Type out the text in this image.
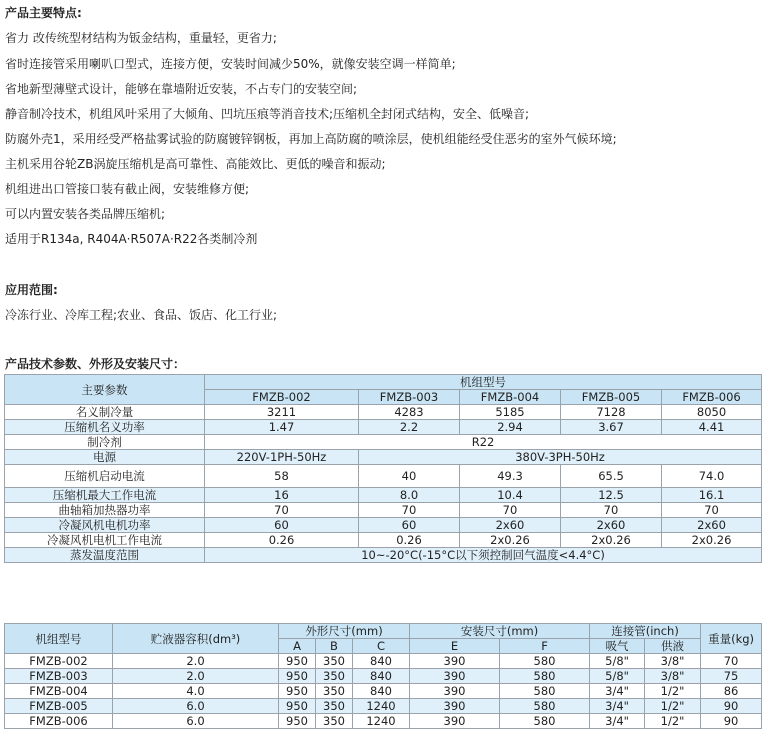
产品主要特点:
省力 改传统型材结构为钣金结构，重量轻，更省力;
省时连接管采用喇叭口型式，连接方便，安装时间减少50%，就像安装空调一样简单;
省地新型薄壁式设计，能够在靠墙附近安装，不占专门的安装空间;
静音制冷技术，机组风叶采用了大倾角、凹坑压痕等消音技术;压缩机全封闭式结构，安全、低噪音;
防腐外壳1，采用经受严格盐雾试验的防腐镀锌钢板，再加上高防腐的喷涂层，使机组能经受住恶劣的室外气候环境;
主机采用谷轮ZB涡旋压缩机是高可靠性、高能效比、更低的噪音和振动;
机组进出口管接口装有截止阀，安装维修方便;
可以内置安装各类品牌压缩机;
适用于R134a, R404A·R507A·R22各类制冷剂
应用范围:
冷冻行业、冷库工程;农业、食品、饭店、化工行业;
产品技术参数、外形及安装尺寸：
主要参数	机组型号				
	FMZB-002	FMZB-003	FMZB-004	FMZB-005	FMZB-006
名义制冷量	3211	4283	5185	7128	8050
压缩机名义功率	1.47	2.2	2.94	3.67	4.41
制冷剂	R22				
电源	220V-1PH-50Hz	380V-3PH-50Hz			
压缩机启动电流	58	40	49.3	65.5	74.0
压缩机最大工作电流	16	8.0	10.4	12.5	16.1
曲轴箱加热器功率	70	70	70	70	70
冷凝风机电机功率	60	60	2x60	2x60	2x60
冷凝风机电机工作电流	0.26	0.26	2x0.26	2x0.26	2x0.26
蒸发温度范围	10~-20°C(-15°C以下须控制回气温度<4.4°C)				
机组型号	贮液器容积(dm³)	外形尺寸(mm)			安装尺寸(mm)		连接管(inch)		重量(kg)
		A	B	C	E	F	吸气	供液	
FMZB-002	2.0	950	350	840	390	580	5/8"	3/8"	70
FMZB-003	2.0	950	350	840	390	580	5/8"	3/8"	75
FMZB-004	4.0	950	350	840	390	580	3/4"	1/2"	86
FMZB-005	6.0	950	350	1240	390	580	3/4"	1/2"	90
FMZB-006	6.0	950	350	1240	390	580	3/4"	1/2"	90
